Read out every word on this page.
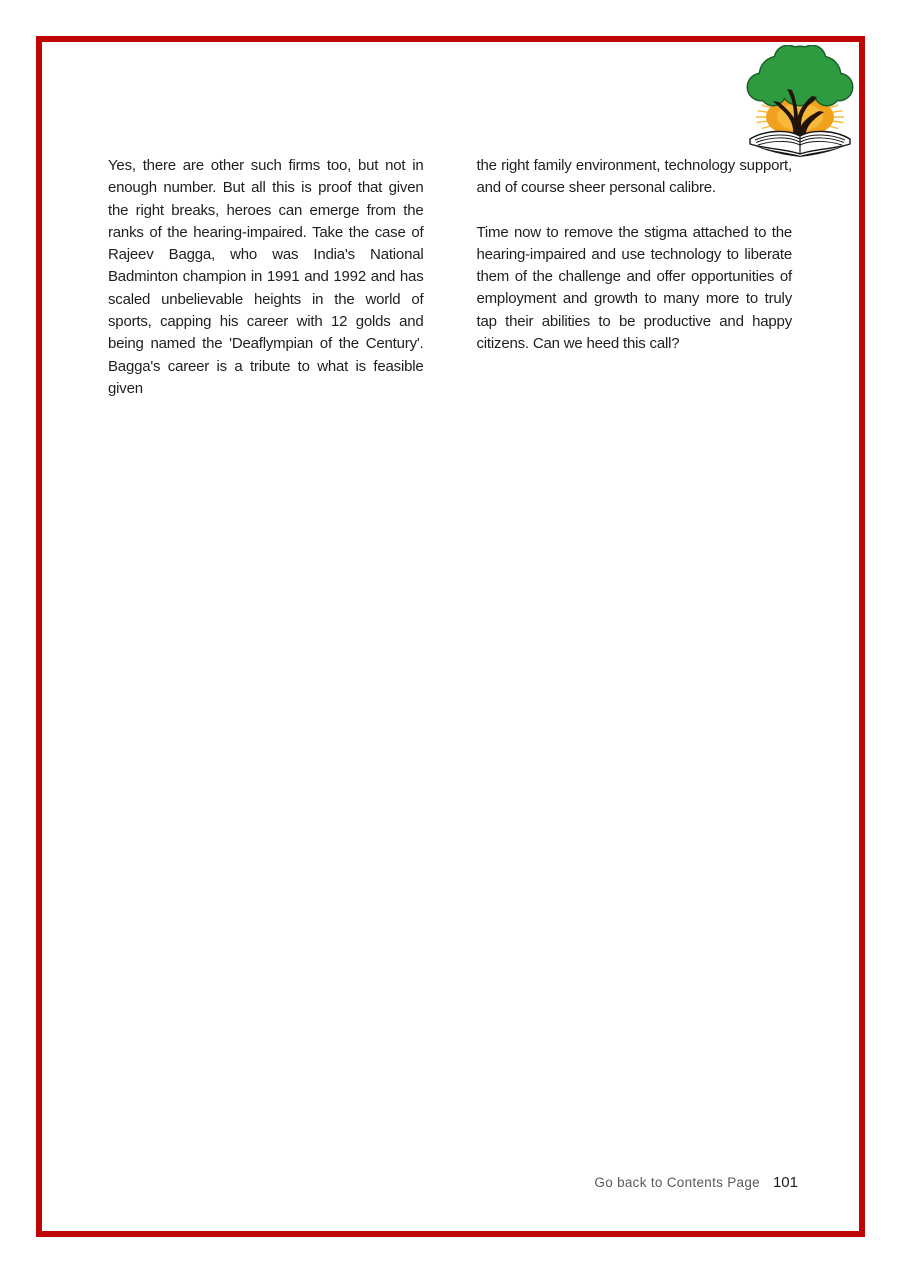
Yes, there are other such firms too, but not in enough number. But all this is proof that given the right breaks, heroes can emerge from the ranks of the hearing-impaired. Take the case of Rajeev Bagga, who was India's National Badminton champion in 1991 and 1992 and has scaled unbelievable heights in the world of sports, capping his career with 12 golds and being named the 'Deaflympian of the Century'. Bagga's career is a tribute to what is feasible given

the right family environment, technology support, and of course sheer personal calibre.

Time now to remove the stigma attached to the hearing-impaired and use technology to liberate them of the challenge and offer opportunities of employment and growth to many more to truly tap their abilities to be productive and happy citizens. Can we heed this call?

Go back to Contents Page 101
